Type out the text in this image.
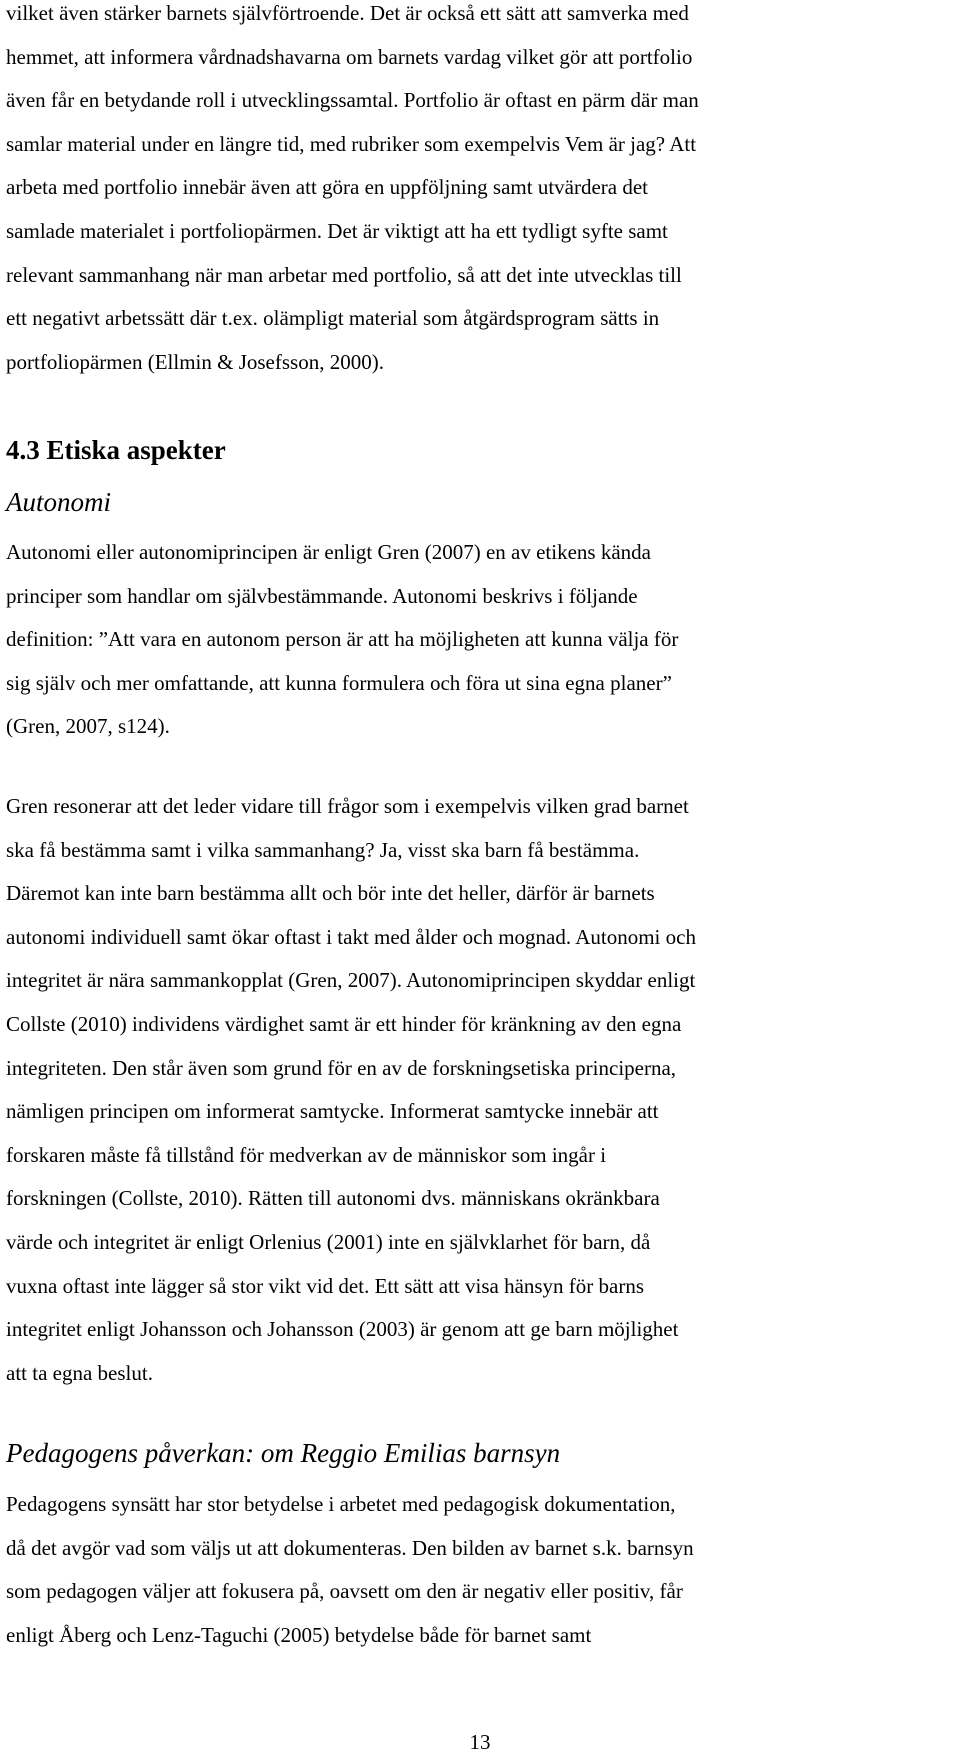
vilket även stärker barnets självförtroende. Det är också ett sätt att samverka med
hemmet, att informera vårdnadshavarna om barnets vardag vilket gör att portfolio
även får en betydande roll i utvecklingssamtal. Portfolio är oftast en pärm där man
samlar material under en längre tid, med rubriker som exempelvis Vem är jag? Att
arbeta med portfolio innebär även att göra en uppföljning samt utvärdera det
samlade materialet i portfoliopärmen. Det är viktigt att ha ett tydligt syfte samt
relevant sammanhang när man arbetar med portfolio, så att det inte utvecklas till
ett negativt arbetssätt där t.ex. olämpligt material som åtgärdsprogram sätts in
portfoliopärmen (Ellmin & Josefsson, 2000).

4.3 Etiska aspekter
Autonomi

Autonomi eller autonomiprincipen är enligt Gren (2007) en av etikens kända
principer som handlar om självbestämmande. Autonomi beskrivs i följande
definition: ”Att vara en autonom person är att ha möjligheten att kunna välja för
sig själv och mer omfattande, att kunna formulera och föra ut sina egna planer”
(Gren, 2007, s124).

Gren resonerar att det leder vidare till frågor som i exempelvis vilken grad barnet
ska få bestämma samt i vilka sammanhang? Ja, visst ska barn få bestämma.
Däremot kan inte barn bestämma allt och bör inte det heller, därför är barnets
autonomi individuell samt ökar oftast i takt med ålder och mognad. Autonomi och
integritet är nära sammankopplat (Gren, 2007). Autonomiprincipen skyddar enligt
Collste (2010) individens värdighet samt är ett hinder för kränkning av den egna
integriteten. Den står även som grund för en av de forskningsetiska principerna,
nämligen principen om informerat samtycke. Informerat samtycke innebär att
forskaren måste få tillstånd för medverkan av de människor som ingår i
forskningen (Collste, 2010). Rätten till autonomi dvs. människans okränkbara
värde och integritet är enligt Orlenius (2001) inte en självklarhet för barn, då
vuxna oftast inte lägger så stor vikt vid det. Ett sätt att visa hänsyn för barns
integritet enligt Johansson och Johansson (2003) är genom att ge barn möjlighet
att ta egna beslut.

Pedagogens påverkan: om Reggio Emilias barnsyn

Pedagogens synsätt har stor betydelse i arbetet med pedagogisk dokumentation,
då det avgör vad som väljs ut att dokumenteras. Den bilden av barnet s.k. barnsyn
som pedagogen väljer att fokusera på, oavsett om den är negativ eller positiv, får
enligt Åberg och Lenz-Taguchi (2005) betydelse både för barnet samt

13
